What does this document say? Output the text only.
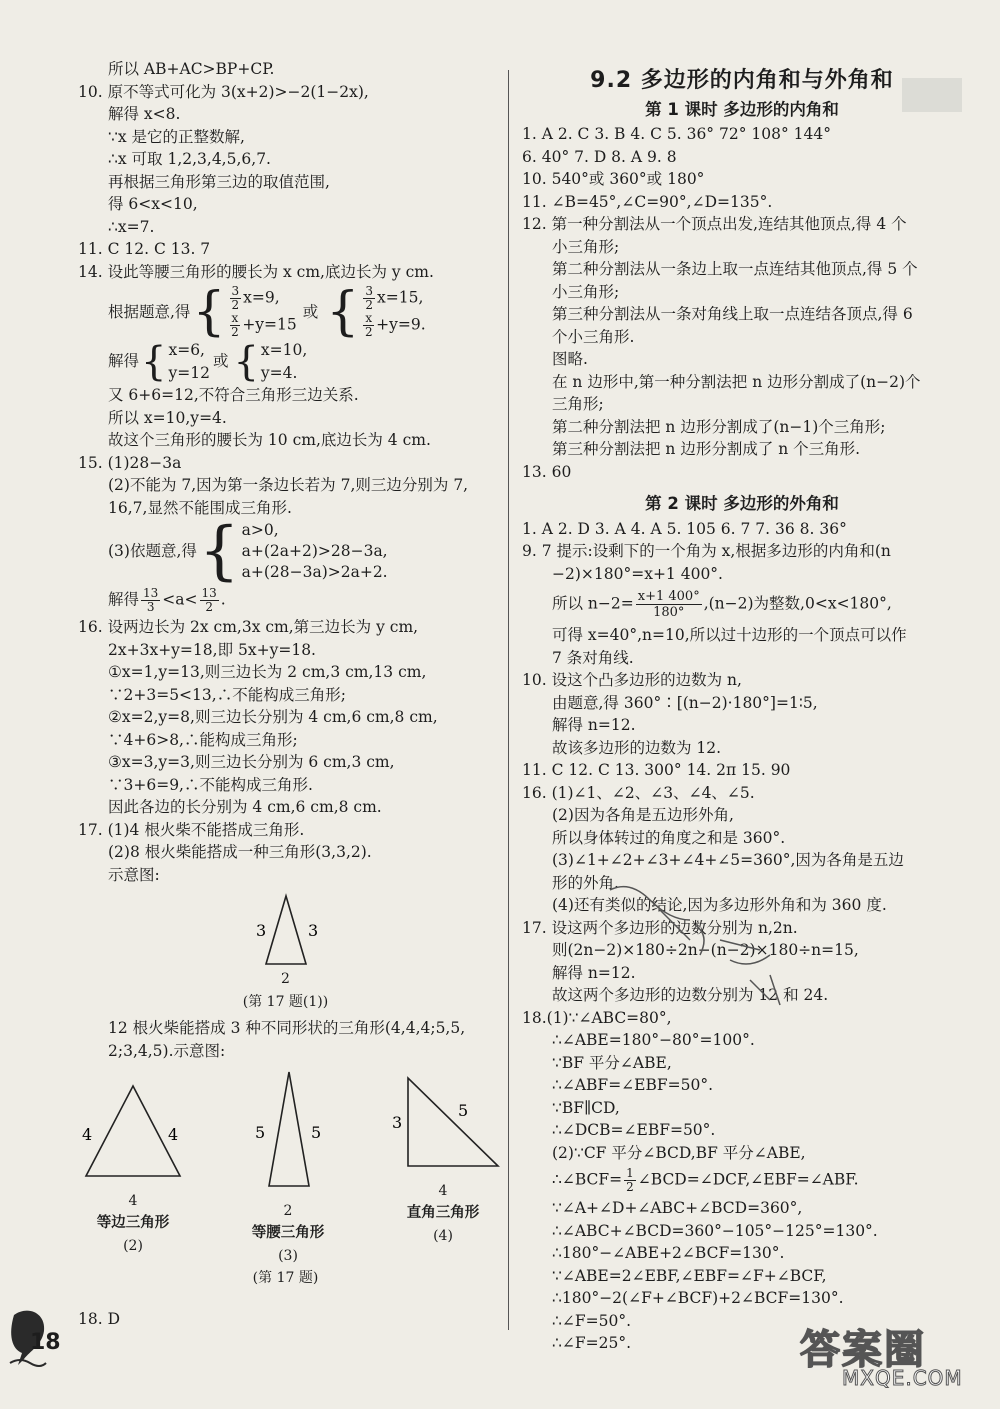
所以 AB+AC>BP+CP.
10. 原不等式可化为 3(x+2)>−2(1−2x),
解得 x<8.
∵x 是它的正整数解,
∴x 可取 1,2,3,4,5,6,7.
再根据三角形第三边的取值范围,
得 6<x<10,
∴x=7.
11. C 12. C 13. 7
14. 设此等腰三角形的腰长为 x cm,底边长为 y cm.
根据题意,得 { $\frac{3}{2} x=9$,
$\frac{x}{2} +y=15$
或 { $\frac{3}{2} x=15$,
$\frac{x}{2} +y=9$.
解得 { x=6,
y=12
或 { x=10,
y=4.
又 6+6=12,不符合三角形三边关系.
所以 x=10,y=4.
故这个三角形的腰长为 10 cm,底边长为 4 cm.
15. (1)28−3a
(2)不能为 7,因为第一条边长若为 7,则三边分别为 7,
16,7,显然不能围成三角形.
(3)依题意,得 { a>0,
a+(2a+2)>28−3a,
a+(28−3a)>2a+2.
解得 $\frac{13}{3} <a< \frac{13}{2}$ .
16. 设两边长为 2x cm,3x cm,第三边长为 y cm,
2x+3x+y=18,即 5x+y=18.
①x=1,y=13,则三边长为 2 cm,3 cm,13 cm,
∵2+3=5<13,∴不能构成三角形;
②x=2,y=8,则三边长分别为 4 cm,6 cm,8 cm,
∵4+6>8,∴能构成三角形;
③x=3,y=3,则三边长分别为 6 cm,3 cm,
∵3+6=9,∴不能构成三角形.
因此各边的长分别为 4 cm,6 cm,8 cm.
17. (1)4 根火柴不能搭成三角形.
(2)8 根火柴能搭成一种三角形(3,3,2).
示意图:
3	3
2
(第 17 题(1))
12 根火柴能搭成 3 种不同形状的三角形(4,4,4;5,5,
2;3,4,5).示意图:
4	4
4
等边三角形
(2)
5	5
2
等腰三角形
(3)
3
5
4
直角三角形
(4)
(第 17 题)
18. D
9.2 多边形的内角和与外角和
第 1 课时 多边形的内角和
1. A 2. C 3. B 4. C 5. 36° 72° 108° 144°
6. 40° 7. D 8. A 9. 8
10. 540°或 360°或 180°
11. ∠B=45°,∠C=90°,∠D=135°.
12. 第一种分割法从一个顶点出发,连结其他顶点,得 4 个
小三角形;
第二种分割法从一条边上取一点连结其他顶点,得 5 个
小三角形;
第三种分割法从一条对角线上取一点连结各顶点,得 6
个小三角形.
图略.
在 n 边形中,第一种分割法把 n 边形分割成了(n−2)个
三角形;
第二种分割法把 n 边形分割成了(n−1)个三角形;
第三种分割法把 n 边形分割成了 n 个三角形.
13. 60
第 2 课时 多边形的外角和
1. A 2. D 3. A 4. A 5. 105 6. 7 7. 36 8. 36°
9. 7 提示:设剩下的一个角为 x,根据多边形的内角和(n
−2)×180°=x+1 400°.
所以 $n-2= \frac{x+1 400^\circ}{180^\circ} ,(n-2)$为整数,0<x<180°,
可得 x=40°,n=10,所以过十边形的一个顶点可以作
7 条对角线.
10. 设这个凸多边形的边数为 n,
由题意,得 360°∶[(n−2)·180°]=1∶5,
解得 n=12.
故该多边形的边数为 12.
11. C 12. C 13. 300° 14. 2π 15. 90
16. (1)∠1、∠2、∠3、∠4、∠5.
(2)因为各角是五边形外角,
所以身体转过的角度之和是 360°.
(3)∠1+∠2+∠3+∠4+∠5=360°,因为各角是五边
形的外角.
(4)还有类似的结论,因为多边形外角和为 360 度.
17. 设这两个多边形的边数分别为 n,2n.
则(2n−2)×180÷2n−(n−2)×180÷n=15,
解得 n=12.
故这两个多边形的边数分别为 12 和 24.
18.(1)∵∠ABC=80°,
∴∠ABE=180°−80°=100°.
∵BF 平分∠ABE,
∴∠ABF=∠EBF=50°.
∵BF∥CD,
∴∠DCB=∠EBF=50°.
(2)∵CF 平分∠BCD,BF 平分∠ABE,
∴∠BCF= $\frac{1}{2}$ ∠BCD=∠DCF,∠EBF=∠ABF.
∵∠A+∠D+∠ABC+∠BCD=360°,
∴∠ABC+∠BCD=360°−105°−125°=130°.
∴180°−∠ABE+2∠BCF=130°.
∵∠ABE=2∠EBF,∠EBF=∠F+∠BCF,
∴180°−2(∠F+∠BCF)+2∠BCF=130°.
∴∠F=50°.
∴∠F=25°.
18	答案圈
MXQE.COM
